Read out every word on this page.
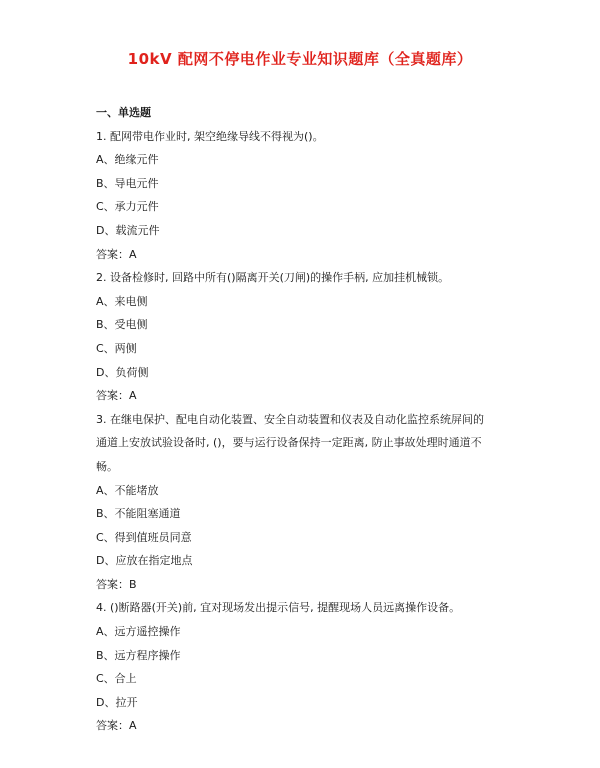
10kV 配网不停电作业专业知识题库（全真题库）

一、单选题

1. 配网带电作业时, 架空绝缘导线不得视为()。

A、绝缘元件

B、导电元件

C、承力元件

D、载流元件

答案：A

2. 设备检修时, 回路中所有()隔离开关(刀闸)的操作手柄, 应加挂机械锁。

A、来电侧

B、受电侧

C、两侧

D、负荷侧

答案：A

3. 在继电保护、配电自动化装置、安全自动装置和仪表及自动化监控系统屏间的

通道上安放试验设备时, ()，要与运行设备保持一定距离, 防止事故处理时通道不

畅。

A、不能堵放

B、不能阻塞通道

C、得到值班员同意

D、应放在指定地点

答案：B

4. ()断路器(开关)前, 宜对现场发出提示信号, 提醒现场人员远离操作设备。

A、远方遥控操作

B、远方程序操作

C、合上

D、拉开

答案：A
